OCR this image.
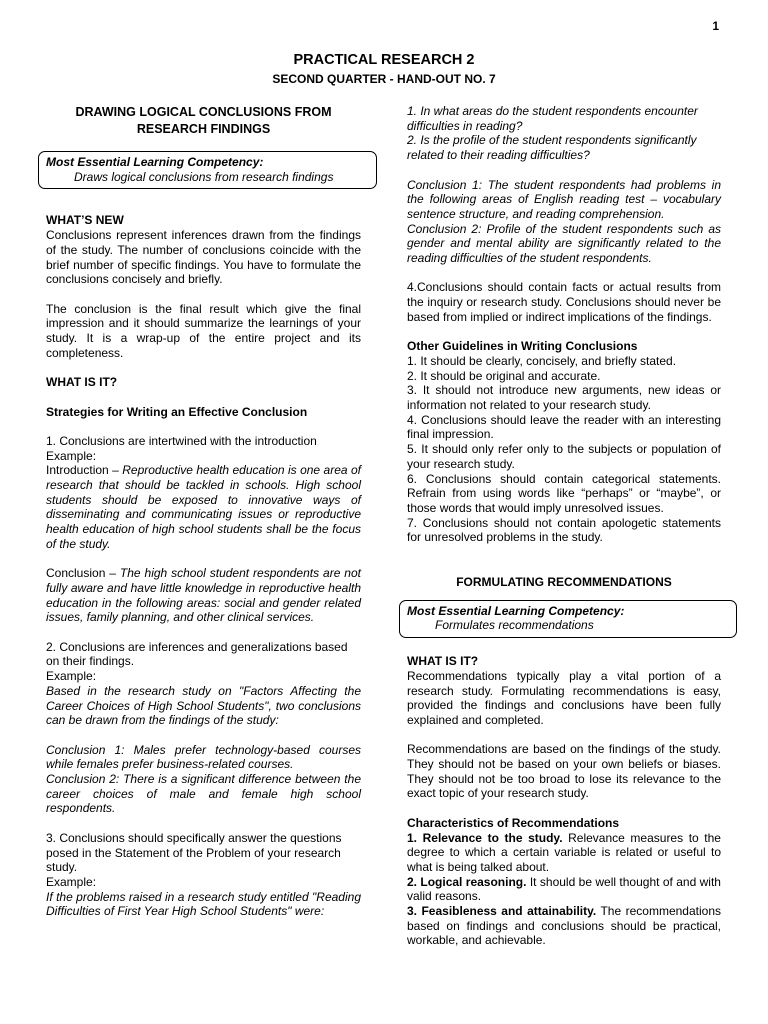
1
PRACTICAL RESEARCH 2
SECOND QUARTER - HAND-OUT NO. 7
DRAWING LOGICAL CONCLUSIONS FROM
RESEARCH FINDINGS
Most Essential Learning Competency:
Draws logical conclusions from research findings
WHAT’S NEW

Conclusions represent inferences drawn from the findings of the study. The number of conclusions coincide with the brief number of specific findings. You have to formulate the conclusions concisely and briefly.

The conclusion is the final result which give the final impression and it should summarize the learnings of your study. It is a wrap-up of the entire project and its completeness.

WHAT IS IT?
Strategies for Writing an Effective Conclusion
1. Conclusions are intertwined with the introduction
Example:

Introduction – Reproductive health education is one area of research that should be tackled in schools. High school students should be exposed to innovative ways of disseminating and communicating issues or reproductive health education of high school students shall be the focus of the study.

Conclusion – The high school student respondents are not fully aware and have little knowledge in reproductive health education in the following areas: social and gender related issues, family planning, and other clinical services.

2. Conclusions are inferences and generalizations based on their findings.

Example:

Based in the research study on "Factors Affecting the Career Choices of High School Students", two conclusions can be drawn from the findings of the study:

Conclusion 1: Males prefer technology-based courses while females prefer business-related courses.

Conclusion 2: There is a significant difference between the career choices of male and female high school respondents.

3. Conclusions should specifically answer the questions posed in the Statement of the Problem of your research study.

Example:

If the problems raised in a research study entitled "Reading Difficulties of First Year High School Students" were:

1. In what areas do the student respondents encounter difficulties in reading?

2. Is the profile of the student respondents significantly related to their reading difficulties?

Conclusion 1: The student respondents had problems in the following areas of English reading test – vocabulary sentence structure, and reading comprehension.

Conclusion 2: Profile of the student respondents such as gender and mental ability are significantly related to the reading difficulties of the student respondents.

4.Conclusions should contain facts or actual results from the inquiry or research study. Conclusions should never be based from implied or indirect implications of the findings.

Other Guidelines in Writing Conclusions

1. It should be clearly, concisely, and briefly stated.

2. It should be original and accurate.

3. It should not introduce new arguments, new ideas or information not related to your research study.

4. Conclusions should leave the reader with an interesting final impression.

5. It should only refer only to the subjects or population of your research study.

6. Conclusions should contain categorical statements. Refrain from using words like “perhaps” or “maybe”, or those words that would imply unresolved issues.

7. Conclusions should not contain apologetic statements for unresolved problems in the study.

FORMULATING RECOMMENDATIONS
Most Essential Learning Competency:
Formulates recommendations
WHAT IS IT?

Recommendations typically play a vital portion of a research study. Formulating recommendations is easy, provided the findings and conclusions have been fully explained and completed.

Recommendations are based on the findings of the study. They should not be based on your own beliefs or biases. They should not be too broad to lose its relevance to the exact topic of your research study.

Characteristics of Recommendations

1. Relevance to the study. Relevance measures to the degree to which a certain variable is related or useful to what is being talked about.

2. Logical reasoning. It should be well thought of and with valid reasons.

3. Feasibleness and attainability. The recommendations based on findings and conclusions should be practical, workable, and achievable.
